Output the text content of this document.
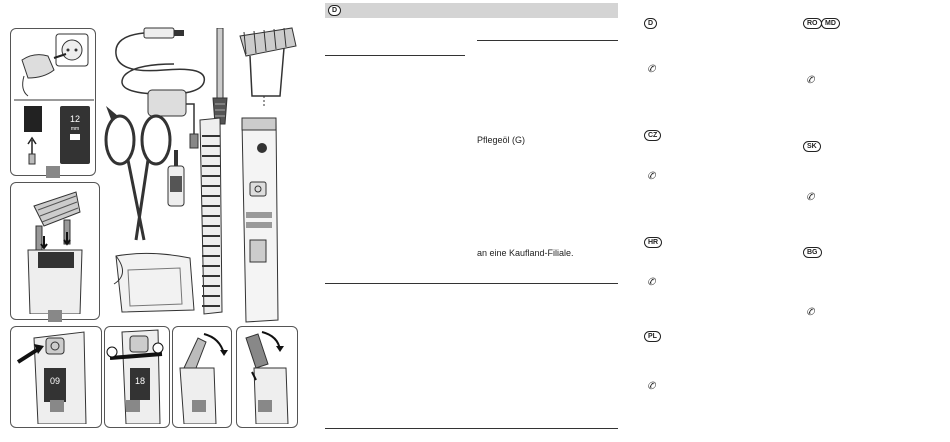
12
mm
09	18
D
Pflegeöl (G)
an eine Kaufland-Filiale.
D
✆
CZ
✆
HR
✆
PL
✆
RO	MD
✆
SK
✆
BG
✆
